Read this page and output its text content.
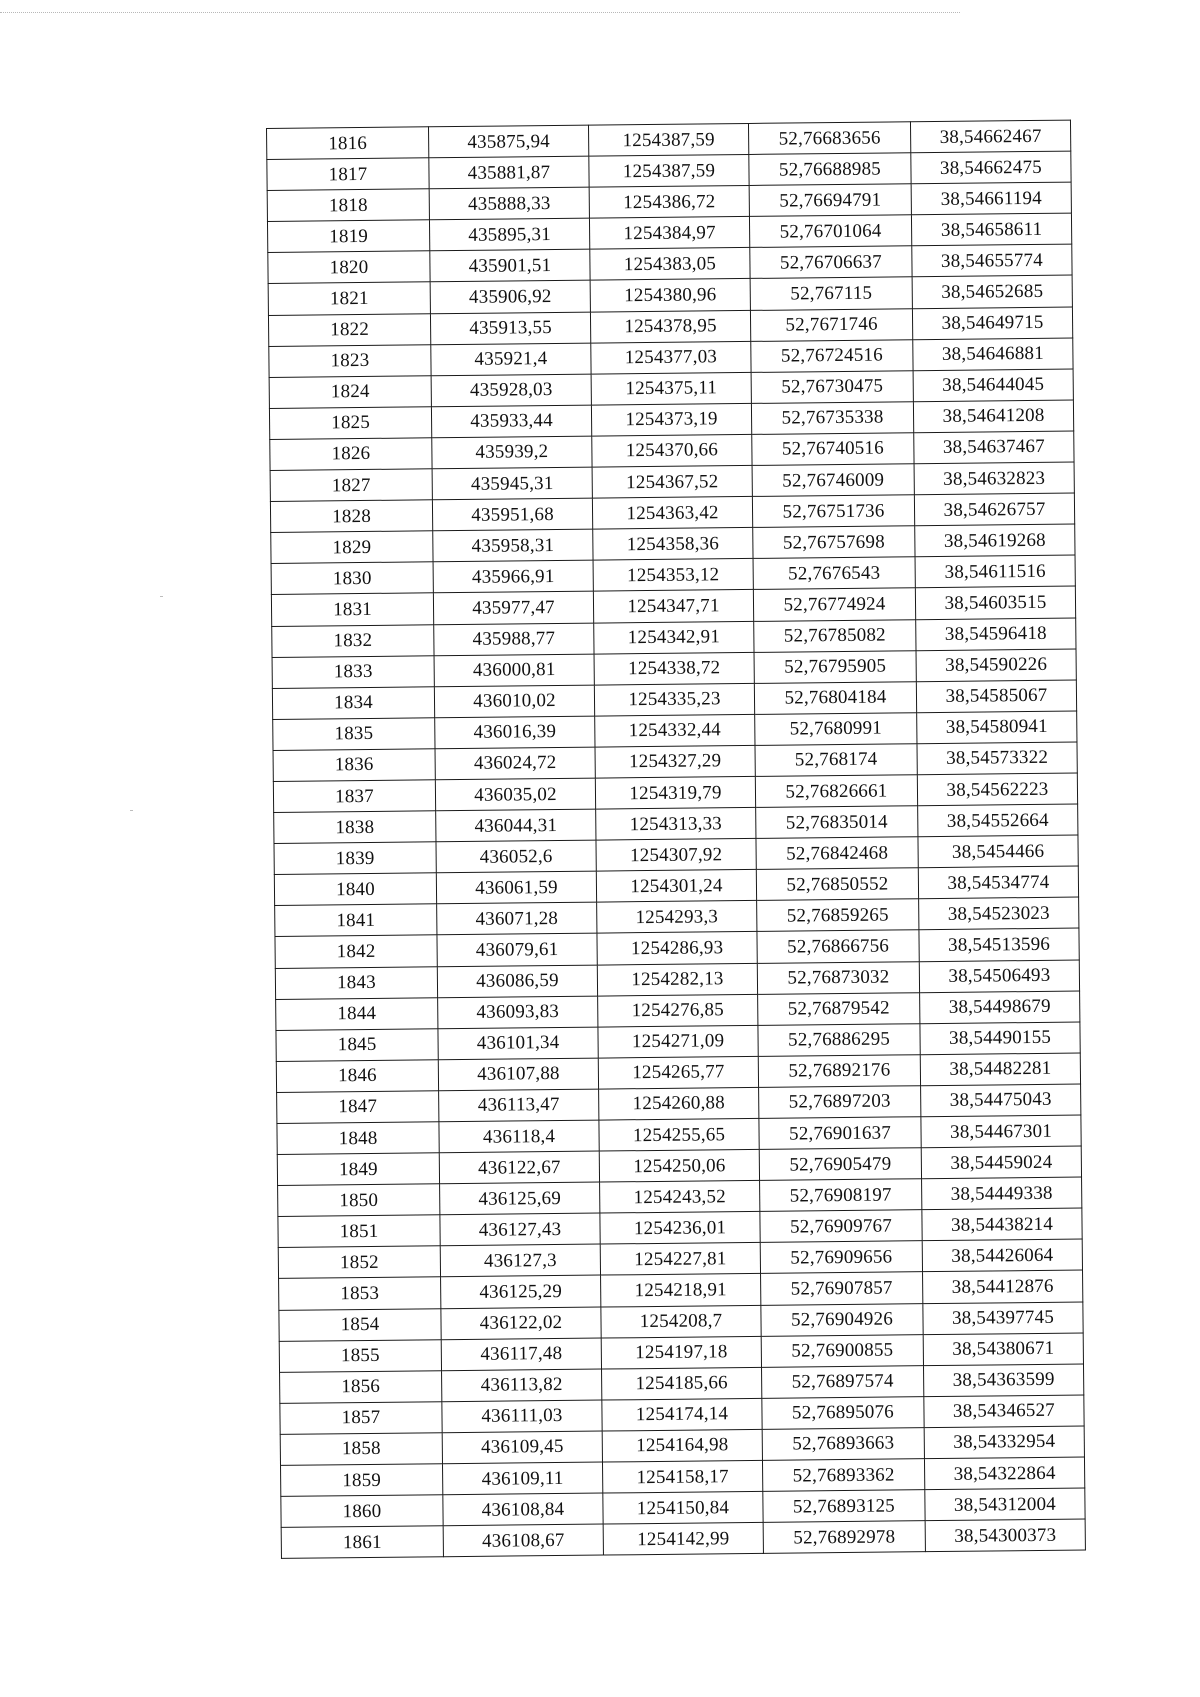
1816	435875,94	1254387,59	52,76683656	38,54662467
1817	435881,87	1254387,59	52,76688985	38,54662475
1818	435888,33	1254386,72	52,76694791	38,54661194
1819	435895,31	1254384,97	52,76701064	38,54658611
1820	435901,51	1254383,05	52,76706637	38,54655774
1821	435906,92	1254380,96	52,767115	38,54652685
1822	435913,55	1254378,95	52,7671746	38,54649715
1823	435921,4	1254377,03	52,76724516	38,54646881
1824	435928,03	1254375,11	52,76730475	38,54644045
1825	435933,44	1254373,19	52,76735338	38,54641208
1826	435939,2	1254370,66	52,76740516	38,54637467
1827	435945,31	1254367,52	52,76746009	38,54632823
1828	435951,68	1254363,42	52,76751736	38,54626757
1829	435958,31	1254358,36	52,76757698	38,54619268
1830	435966,91	1254353,12	52,7676543	38,54611516
1831	435977,47	1254347,71	52,76774924	38,54603515
1832	435988,77	1254342,91	52,76785082	38,54596418
1833	436000,81	1254338,72	52,76795905	38,54590226
1834	436010,02	1254335,23	52,76804184	38,54585067
1835	436016,39	1254332,44	52,7680991	38,54580941
1836	436024,72	1254327,29	52,768174	38,54573322
1837	436035,02	1254319,79	52,76826661	38,54562223
1838	436044,31	1254313,33	52,76835014	38,54552664
1839	436052,6	1254307,92	52,76842468	38,5454466
1840	436061,59	1254301,24	52,76850552	38,54534774
1841	436071,28	1254293,3	52,76859265	38,54523023
1842	436079,61	1254286,93	52,76866756	38,54513596
1843	436086,59	1254282,13	52,76873032	38,54506493
1844	436093,83	1254276,85	52,76879542	38,54498679
1845	436101,34	1254271,09	52,76886295	38,54490155
1846	436107,88	1254265,77	52,76892176	38,54482281
1847	436113,47	1254260,88	52,76897203	38,54475043
1848	436118,4	1254255,65	52,76901637	38,54467301
1849	436122,67	1254250,06	52,76905479	38,54459024
1850	436125,69	1254243,52	52,76908197	38,54449338
1851	436127,43	1254236,01	52,76909767	38,54438214
1852	436127,3	1254227,81	52,76909656	38,54426064
1853	436125,29	1254218,91	52,76907857	38,54412876
1854	436122,02	1254208,7	52,76904926	38,54397745
1855	436117,48	1254197,18	52,76900855	38,54380671
1856	436113,82	1254185,66	52,76897574	38,54363599
1857	436111,03	1254174,14	52,76895076	38,54346527
1858	436109,45	1254164,98	52,76893663	38,54332954
1859	436109,11	1254158,17	52,76893362	38,54322864
1860	436108,84	1254150,84	52,76893125	38,54312004
1861	436108,67	1254142,99	52,76892978	38,54300373
